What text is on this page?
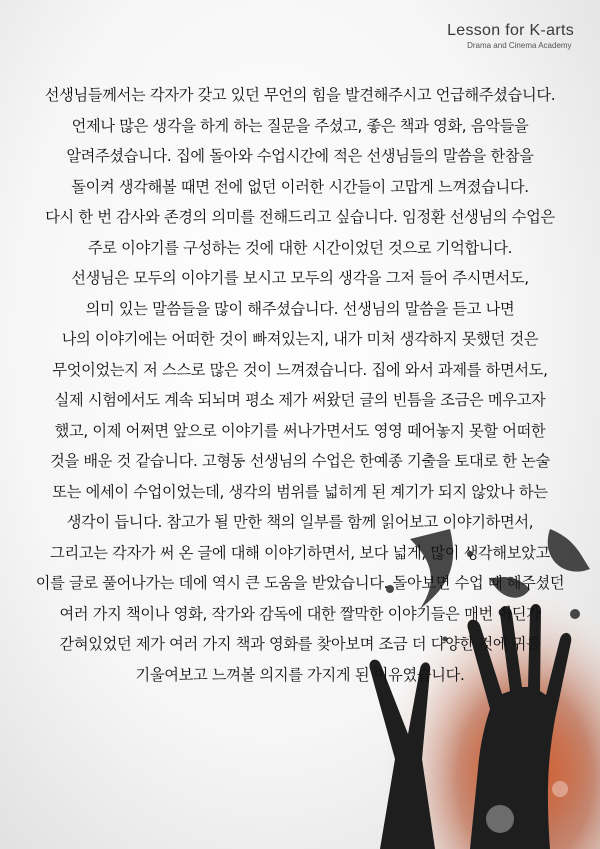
Lesson for K-arts
Drama and Cinema Academy
선생님들께서는 각자가 갖고 있던 무언의 힘을 발견해주시고 언급해주셨습니다.
언제나 많은 생각을 하게 하는 질문을 주셨고, 좋은 책과 영화, 음악들을
알려주셨습니다. 집에 돌아와 수업시간에 적은 선생님들의 말씀을 한참을
돌이켜 생각해볼 때면 전에 없던 이러한 시간들이 고맙게 느껴졌습니다.
다시 한 번 감사와 존경의 의미를 전해드리고 싶습니다. 임정환 선생님의 수업은
주로 이야기를 구성하는 것에 대한 시간이었던 것으로 기억합니다.
선생님은 모두의 이야기를 보시고 모두의 생각을 그저 들어 주시면서도,
의미 있는 말씀들을 많이 해주셨습니다. 선생님의 말씀을 듣고 나면
나의 이야기에는 어떠한 것이 빠져있는지, 내가 미처 생각하지 못했던 것은
무엇이었는지 저 스스로 많은 것이 느껴졌습니다. 집에 와서 과제를 하면서도,
실제 시험에서도 계속 되뇌며 평소 제가 써왔던 글의 빈틈을 조금은 메우고자
했고, 이제 어쩌면 앞으로 이야기를 써나가면서도 영영 떼어놓지 못할 어떠한
것을 배운 것 같습니다. 고형동 선생님의 수업은 한예종 기출을 토대로 한 논술
또는 에세이 수업이었는데, 생각의 범위를 넓히게 된 계기가 되지 않았나 하는
생각이 듭니다. 참고가 될 만한 책의 일부를 함께 읽어보고 이야기하면서,
그리고는 각자가 써 온 글에 대해 이야기하면서, 보다 넓게, 많이 생각해보았고
이를 글로 풀어나가는 데에 역시 큰 도움을 받았습니다. 돌아보면 수업 때 해주셨던
여러 가지 책이나 영화, 작가와 감독에 대한 짤막한 이야기들은 매번 어딘가
갇혀있었던 제가 여러 가지 책과 영화를 찾아보며 조금 더 다양한 것에 귀를
기울여보고 느껴볼 의지를 가지게 된 이유였습니다.
